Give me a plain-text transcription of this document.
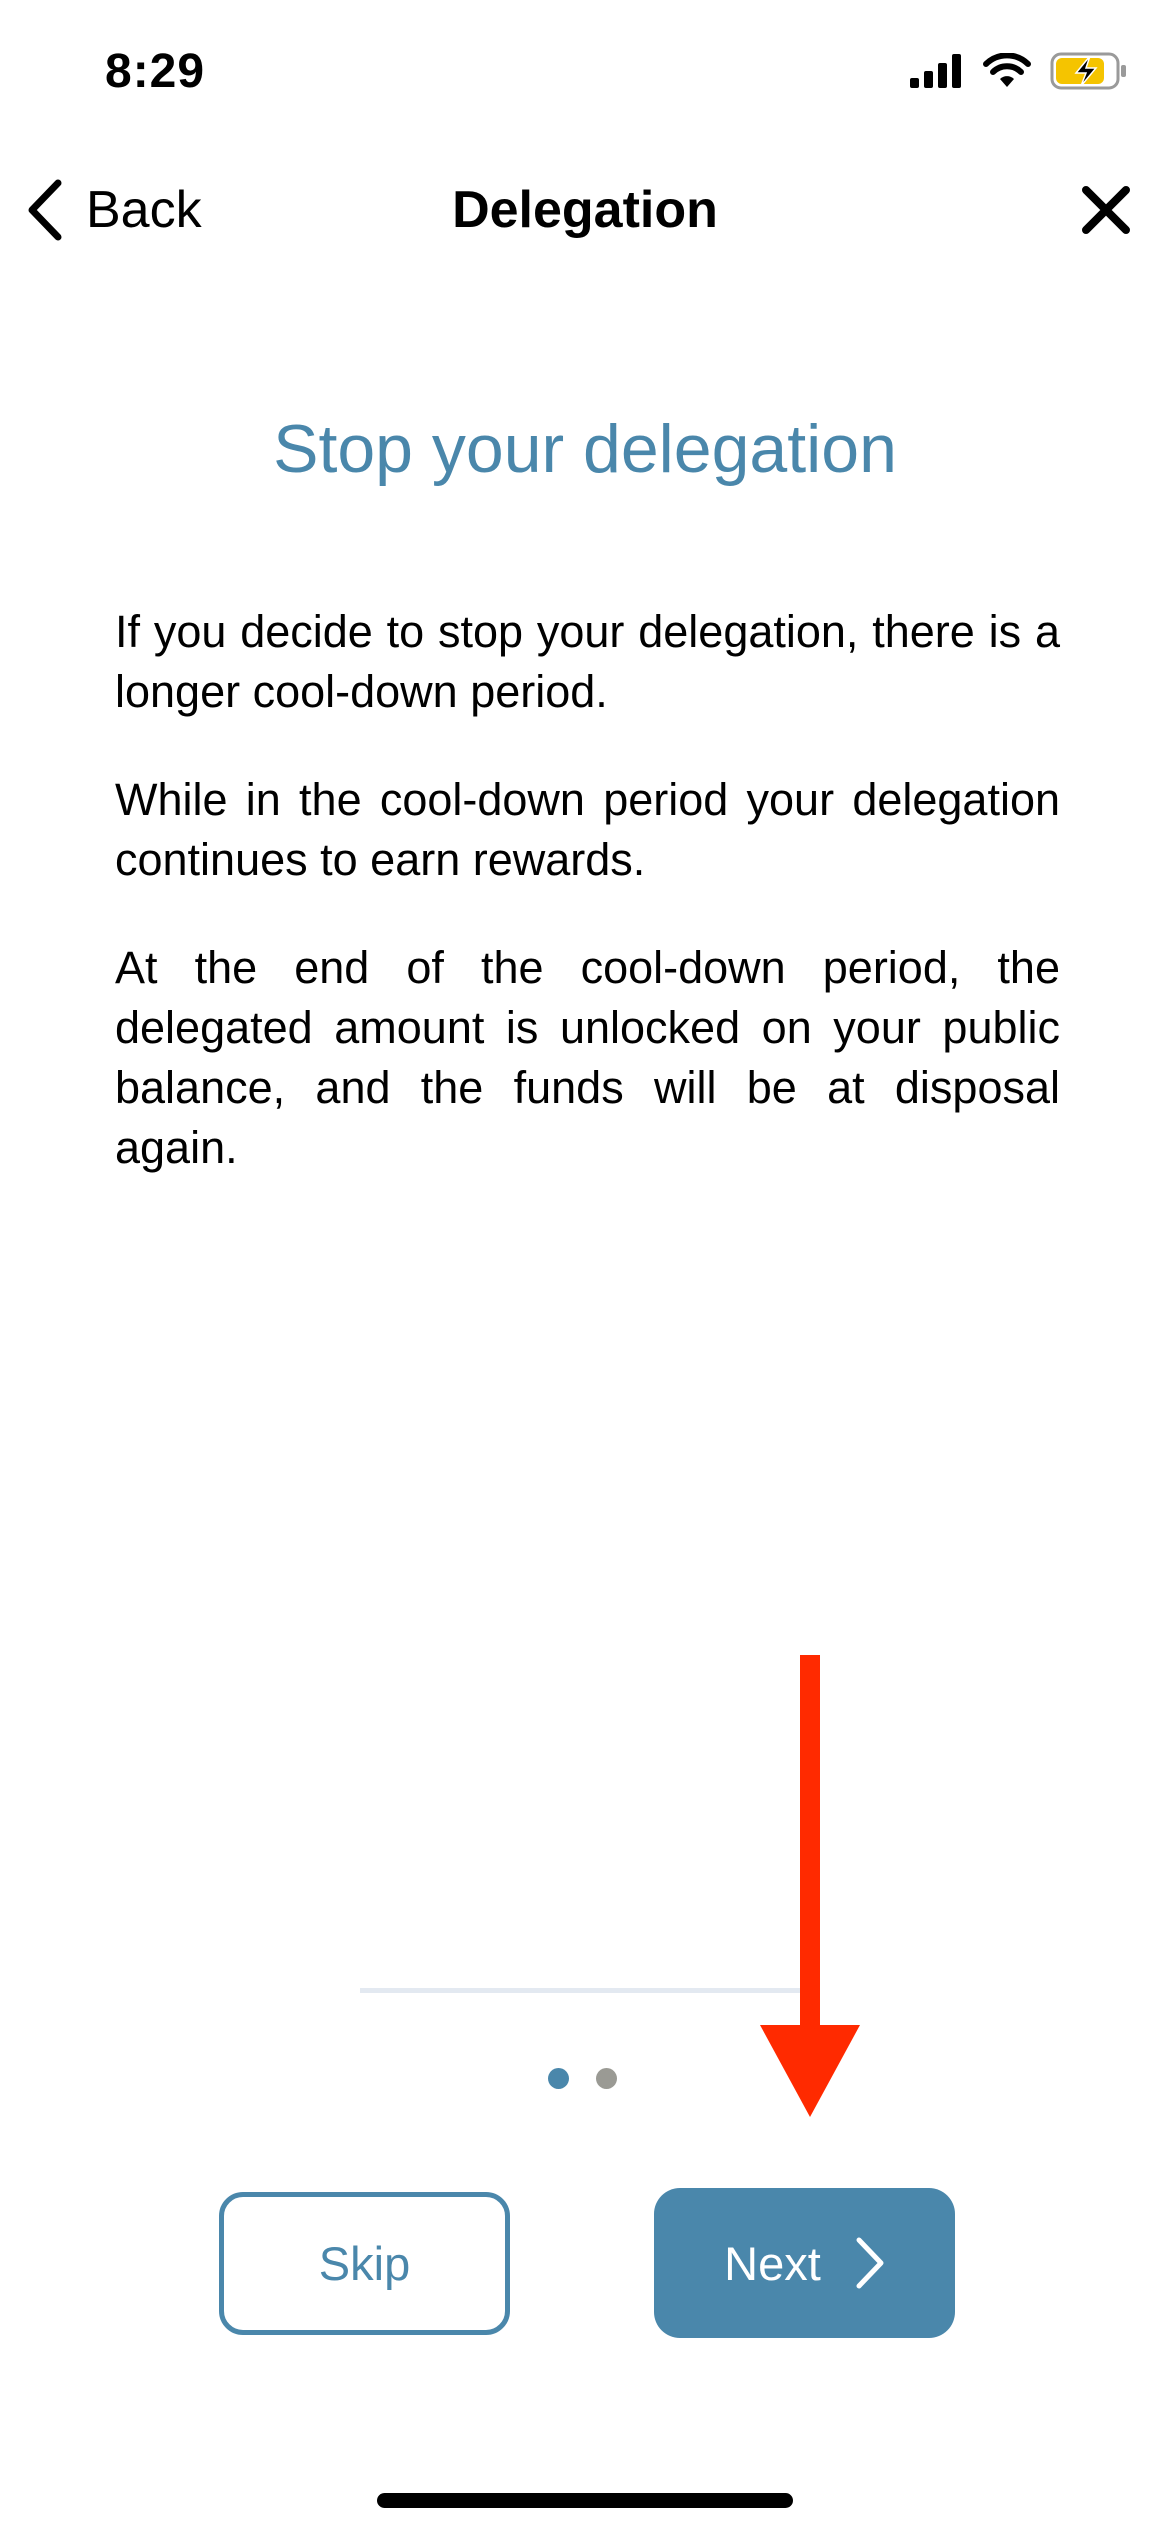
8:29
Back	Delegation
Stop your delegation

If you decide to stop your delegation, there is a longer cool-down period.

While in the cool-down period your delegation continues to earn rewards.

At the end of the cool-down period, the delegated amount is unlocked on your public balance, and the funds will be at disposal again.

Skip	Next
